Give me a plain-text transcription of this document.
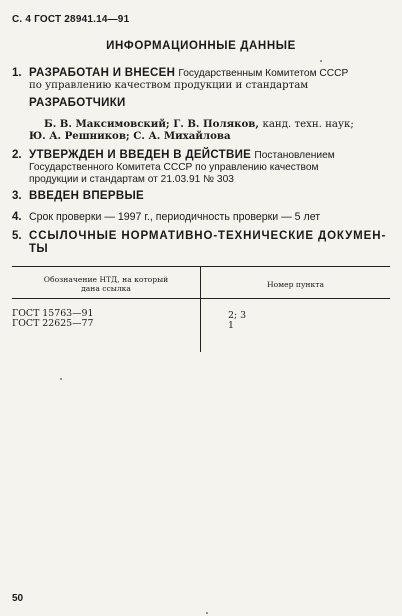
С. 4 ГОСТ 28941.14—91
ИНФОРМАЦИОННЫЕ ДАННЫЕ
1. РАЗРАБОТАН И ВНЕСЕН Государственным Комитетом СССР
по управлению качеством продукции и стандартам
РАЗРАБОТЧИКИ
Б. В. Максимовский; Г. В. Поляков, канд. техн. наук;
Ю. А. Решников; С. А. Михайлова
2. УТВЕРЖДЕН И ВВЕДЕН В ДЕЙСТВИЕ Постановлением
Государственного Комитета СССР по управлению качеством
продукции и стандартам от 21.03.91 № 303
3. ВВЕДЕН ВПЕРВЫЕ
4. Срок проверки — 1997 г., периодичность проверки — 5 лет
5. ССЫЛОЧНЫЕ НОРМАТИВНО-ТЕХНИЧЕСКИЕ ДОКУМЕН-
ТЫ
Обозначение НТД, на который
дана ссылка	Номер пункта
ГОСТ 15763—91	2; 3
ГОСТ 22625—77	1
50
